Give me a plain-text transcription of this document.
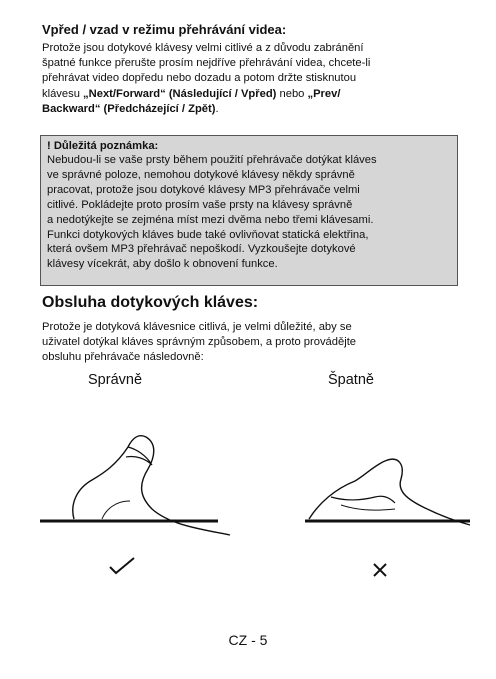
Vpřed / vzad v režimu přehrávání videa:
Protože jsou dotykové klávesy velmi citlivé a z důvodu zabránění
špatné funkce přerušte prosím nejdříve přehrávání videa, chcete-li
přehrávat video dopředu nebo dozadu a potom držte stisknutou
klávesu „Next/Forward“ (Následující / Vpřed) nebo „Prev/
Backward“ (Předcházející / Zpět).

! Důležitá poznámka:

Nebudou-li se vaše prsty během použití přehrávače dotýkat kláves
ve správné poloze, nemohou dotykové klávesy někdy správně
pracovat, protože jsou dotykové klávesy MP3 přehrávače velmi
citlivé. Pokládejte proto prosím vaše prsty na klávesy správně
a nedotýkejte se zejména míst mezi dvěma nebo třemi klávesami.
Funkci dotykových kláves bude také ovlivňovat statická elektřina,
která ovšem MP3 přehrávač nepoškodí. Vyzkoušejte dotykové
klávesy vícekrát, aby došlo k obnovení funkce.
Obsluha dotykových kláves:
Protože je dotyková klávesnice citlivá, je velmi důležité, aby se
uživatel dotýkal kláves správným způsobem, a proto provádějte
obsluhu přehrávače následovně:

Správně	Špatně

CZ - 5
